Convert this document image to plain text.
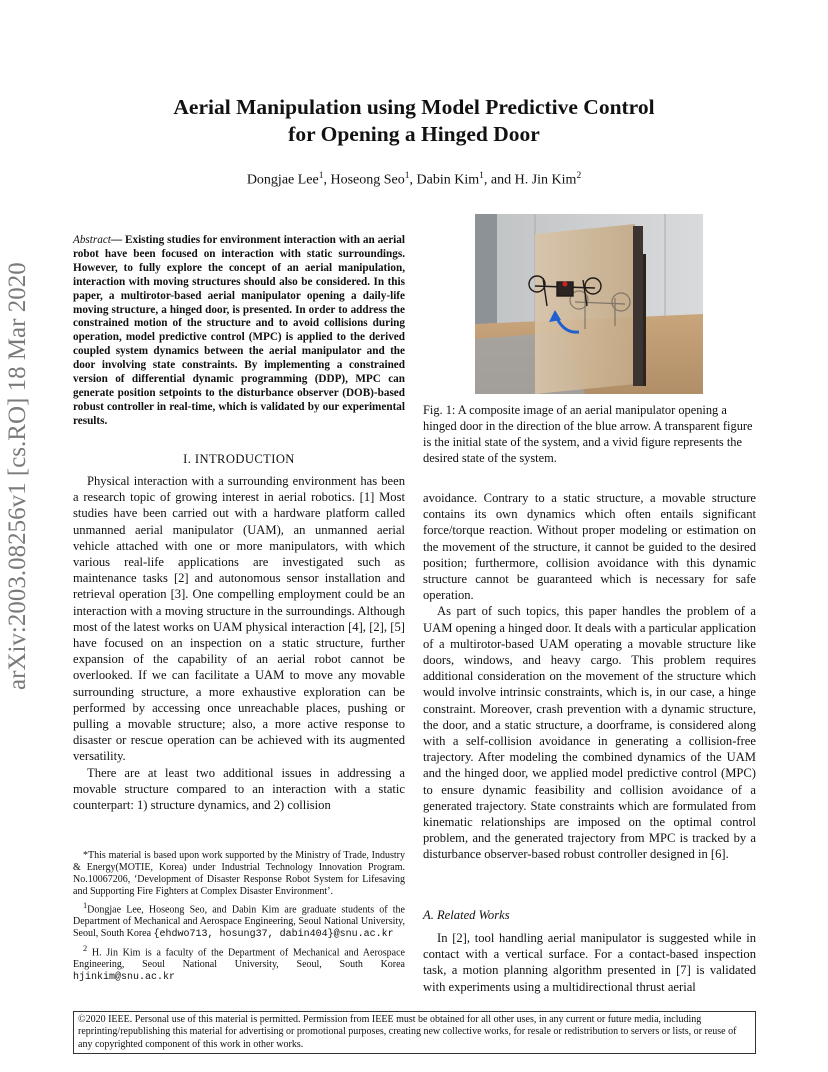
Aerial Manipulation using Model Predictive Control
for Opening a Hinged Door
Dongjae Lee$^1$, Hoseong Seo$^1$, Dabin Kim$^1$, and H. Jin Kim$^2$
arXiv:2003.08256v1 [cs.RO] 18 Mar 2020
Abstract— Existing studies for environment interaction with an aerial robot have been focused on interaction with static surroundings. However, to fully explore the concept of an aerial manipulation, interaction with moving structures should also be considered. In this paper, a multirotor-based aerial manipulator opening a daily-life moving structure, a hinged door, is presented. In order to address the constrained motion of the structure and to avoid collisions during operation, model predictive control (MPC) is applied to the derived coupled system dynamics between the aerial manipulator and the door involving state constraints. By implementing a constrained version of differential dynamic programming (DDP), MPC can generate position setpoints to the disturbance observer (DOB)-based robust controller in real-time, which is validated by our experimental results.
I. INTRODUCTION

Physical interaction with a surrounding environment has been a research topic of growing interest in aerial robotics. [1] Most studies have been carried out with a hardware platform called unmanned aerial manipulator (UAM), an unmanned aerial vehicle attached with one or more manipulators, with which various real-life applications are investigated such as maintenance tasks [2] and autonomous sensor installation and retrieval operation [3]. One compelling employment could be an interaction with a moving structure in the surroundings. Although most of the latest works on UAM physical interaction [4], [2], [5] have focused on an inspection on a static structure, further expansion of the capability of an aerial robot cannot be overlooked. If we can facilitate a UAM to move any movable surrounding structure, a more exhaustive exploration can be performed by accessing once unreachable places, pushing or pulling a movable structure; also, a more active response to disaster or rescue operation can be achieved with its augmented versatility.

There are at least two additional issues in addressing a movable structure compared to an interaction with a static counterpart: 1) structure dynamics, and 2) collision

*This material is based upon work supported by the Ministry of Trade, Industry & Energy(MOTIE, Korea) under Industrial Technology Innovation Program. No.10067206, ‘Development of Disaster Response Robot System for Lifesaving and Supporting Fire Fighters at Complex Disaster Environment’.

$^1$Dongjae Lee, Hoseong Seo, and Dabin Kim are graduate students of the Department of Mechanical and Aerospace Engineering, Seoul National University, Seoul, South Korea {ehdwo713, hosung37, dabin404}@snu.ac.kr

$^2$ H. Jin Kim is a faculty of the Department of Mechanical and Aerospace Engineering, Seoul National University, Seoul, South Korea hjinkim@snu.ac.kr

Fig. 1: A composite image of an aerial manipulator opening a hinged door in the direction of the blue arrow. A transparent figure is the initial state of the system, and a vivid figure represents the desired state of the system.

avoidance. Contrary to a static structure, a movable structure contains its own dynamics which often entails significant force/torque reaction. Without proper modeling or estimation on the movement of the structure, it cannot be guided to the desired position; furthermore, collision avoidance with this dynamic structure cannot be guaranteed which is necessary for safe operation.

As part of such topics, this paper handles the problem of a UAM opening a hinged door. It deals with a particular application of a multirotor-based UAM operating a movable structure like doors, windows, and heavy cargo. This problem requires additional consideration on the movement of the structure which would involve intrinsic constraints, which is, in our case, a hinge constraint. Moreover, crash prevention with a dynamic structure, the door, and a static structure, a doorframe, is considered along with a self-collision avoidance in generating a collision-free trajectory. After modeling the combined dynamics of the UAM and the hinged door, we applied model predictive control (MPC) to ensure dynamic feasibility and collision avoidance of a generated trajectory. State constraints which are formulated from kinematic relationships are imposed on the optimal control problem, and the generated trajectory from MPC is tracked by a disturbance observer-based robust controller designed in [6].

A. Related Works

In [2], tool handling aerial manipulator is suggested while in contact with a vertical surface. For a contact-based inspection task, a motion planning algorithm presented in [7] is validated with experiments using a multidirectional thrust aerial

©2020 IEEE. Personal use of this material is permitted. Permission from IEEE must be obtained for all other uses, in any current or future media, including reprinting/republishing this material for advertising or promotional purposes, creating new collective works, for resale or redistribution to servers or lists, or reuse of any copyrighted component of this work in other works.
